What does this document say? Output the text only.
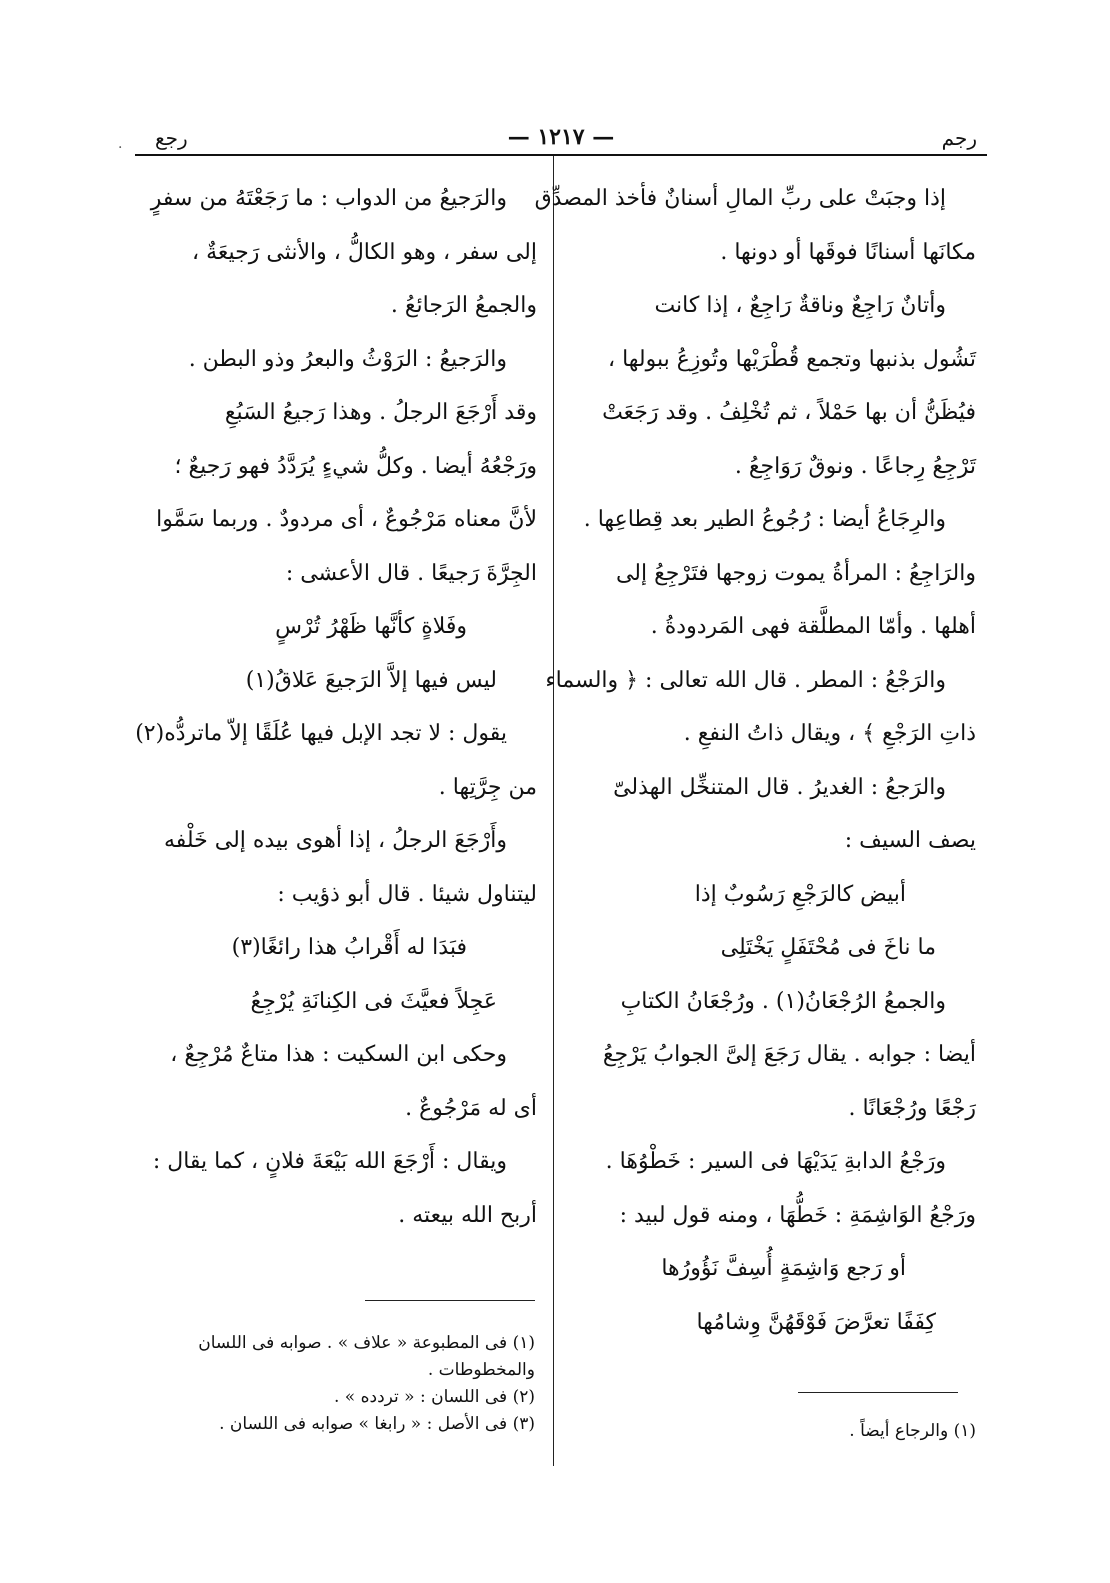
رجع	— ١٢١٧ —	رجم
إذا وجبَتْ على ربِّ المالِ أسنانٌ فأخذ المصدِّق
مكانَها أسنانًا فوقَها أو دونها .
وأتانٌ رَاجِعٌ وناقةٌ رَاجِعٌ ، إذا كانت
تَشُول بذنبها وتجمع قُطْرَيْها وتُوزِعُ ببولها ،
فيُظَنُّ أن بها حَمْلاً ، ثم تُخْلِفُ . وقد رَجَعَتْ
تَرْجِعُ رِجاعًا . ونوقٌ رَوَاجِعُ .
والرِجَاعُ أيضا : رُجُوعُ الطير بعد قِطاعِها .
والرَاجِعُ : المرأةُ يموت زوجها فتَرْجِعُ إلى
أهلها . وأمّا المطلَّقة فهى المَردودةُ .
والرَجْعُ : المطر . قال الله تعالى : ﴿ والسماء
ذاتِ الرَجْعِ ﴾ ، ويقال ذاتُ النفعِ .
والرَجعُ : الغديرُ . قال المتنخِّل الهذلىّ
يصف السيف :
أبيض كالرَجْعِ رَسُوبٌ إذا
ما ناخَ فى مُحْتَفَلٍ يَخْتَلِى
والجمعُ الرُجْعَانُ(١) . ورُجْعَانُ الكتابِ
أيضا : جوابه . يقال رَجَعَ إلىَّ الجوابُ يَرْجِعُ
رَجْعًا ورُجْعَانًا .
ورَجْعُ الدابةِ يَدَيْهَا فى السير : خَطْوُهَا .
ورَجْعُ الوَاشِمَةِ : خَطُّهَا ، ومنه قول لبيد :
أو رَجع وَاشِمَةٍ أُسِفَّ نَؤُورُها
كِفَفًا تعرَّضَ فَوْقَهُنَّ وِشامُها
والرَجيعُ من الدواب : ما رَجَعْتَهُ من سفرٍ
إلى سفر ، وهو الكالُّ ، والأنثى رَجيعَةٌ ،
والجمعُ الرَجائعُ .
والرَجيعُ : الرَوْثُ والبعرُ وذو البطن .
وقد أَرْجَعَ الرجلُ . وهذا رَجيعُ السَبُعِ
ورَجْعُهُ أيضا . وكلُّ شيءٍ يُرَدَّدُ فهو رَجيعٌ ؛
لأنَّ معناه مَرْجُوعٌ ، أى مردودٌ . وربما سَمَّوا
الجِرَّةَ رَجيعًا . قال الأعشى :
وفَلاةٍ كأنَّها ظَهْرُ تُرْسٍ
ليس فيها إلاَّ الرَجيعَ عَلاقُ(١)
يقول : لا تجد الإبل فيها عُلَقًا إلاّ ماتردُّه(٢)
من جِرَّتِها .
وأَرْجَعَ الرجلُ ، إذا أهوى بيده إلى خَلْفه
ليتناول شيئا . قال أبو ذؤيب :
فبَدَا له أَقْرابُ هذا رائغًا(٣)
عَجِلاً فعيَّثَ فى الكِنانَةِ يُرْجِعُ
وحكى ابن السكيت : هذا متاعٌ مُرْجِعٌ ،
أى له مَرْجُوعٌ .
ويقال : أَرْجَعَ الله بَيْعَةَ فلانٍ ، كما يقال :
أربح الله بيعته .
(١) فى المطبوعة « علاف » . صوابه فى اللسان
والمخطوطات .
(٢) فى اللسان : « تردده » .
(٣) فى الأصل : « رابغا » صوابه فى اللسان .	(١) والرجاع أيضاً .
·
